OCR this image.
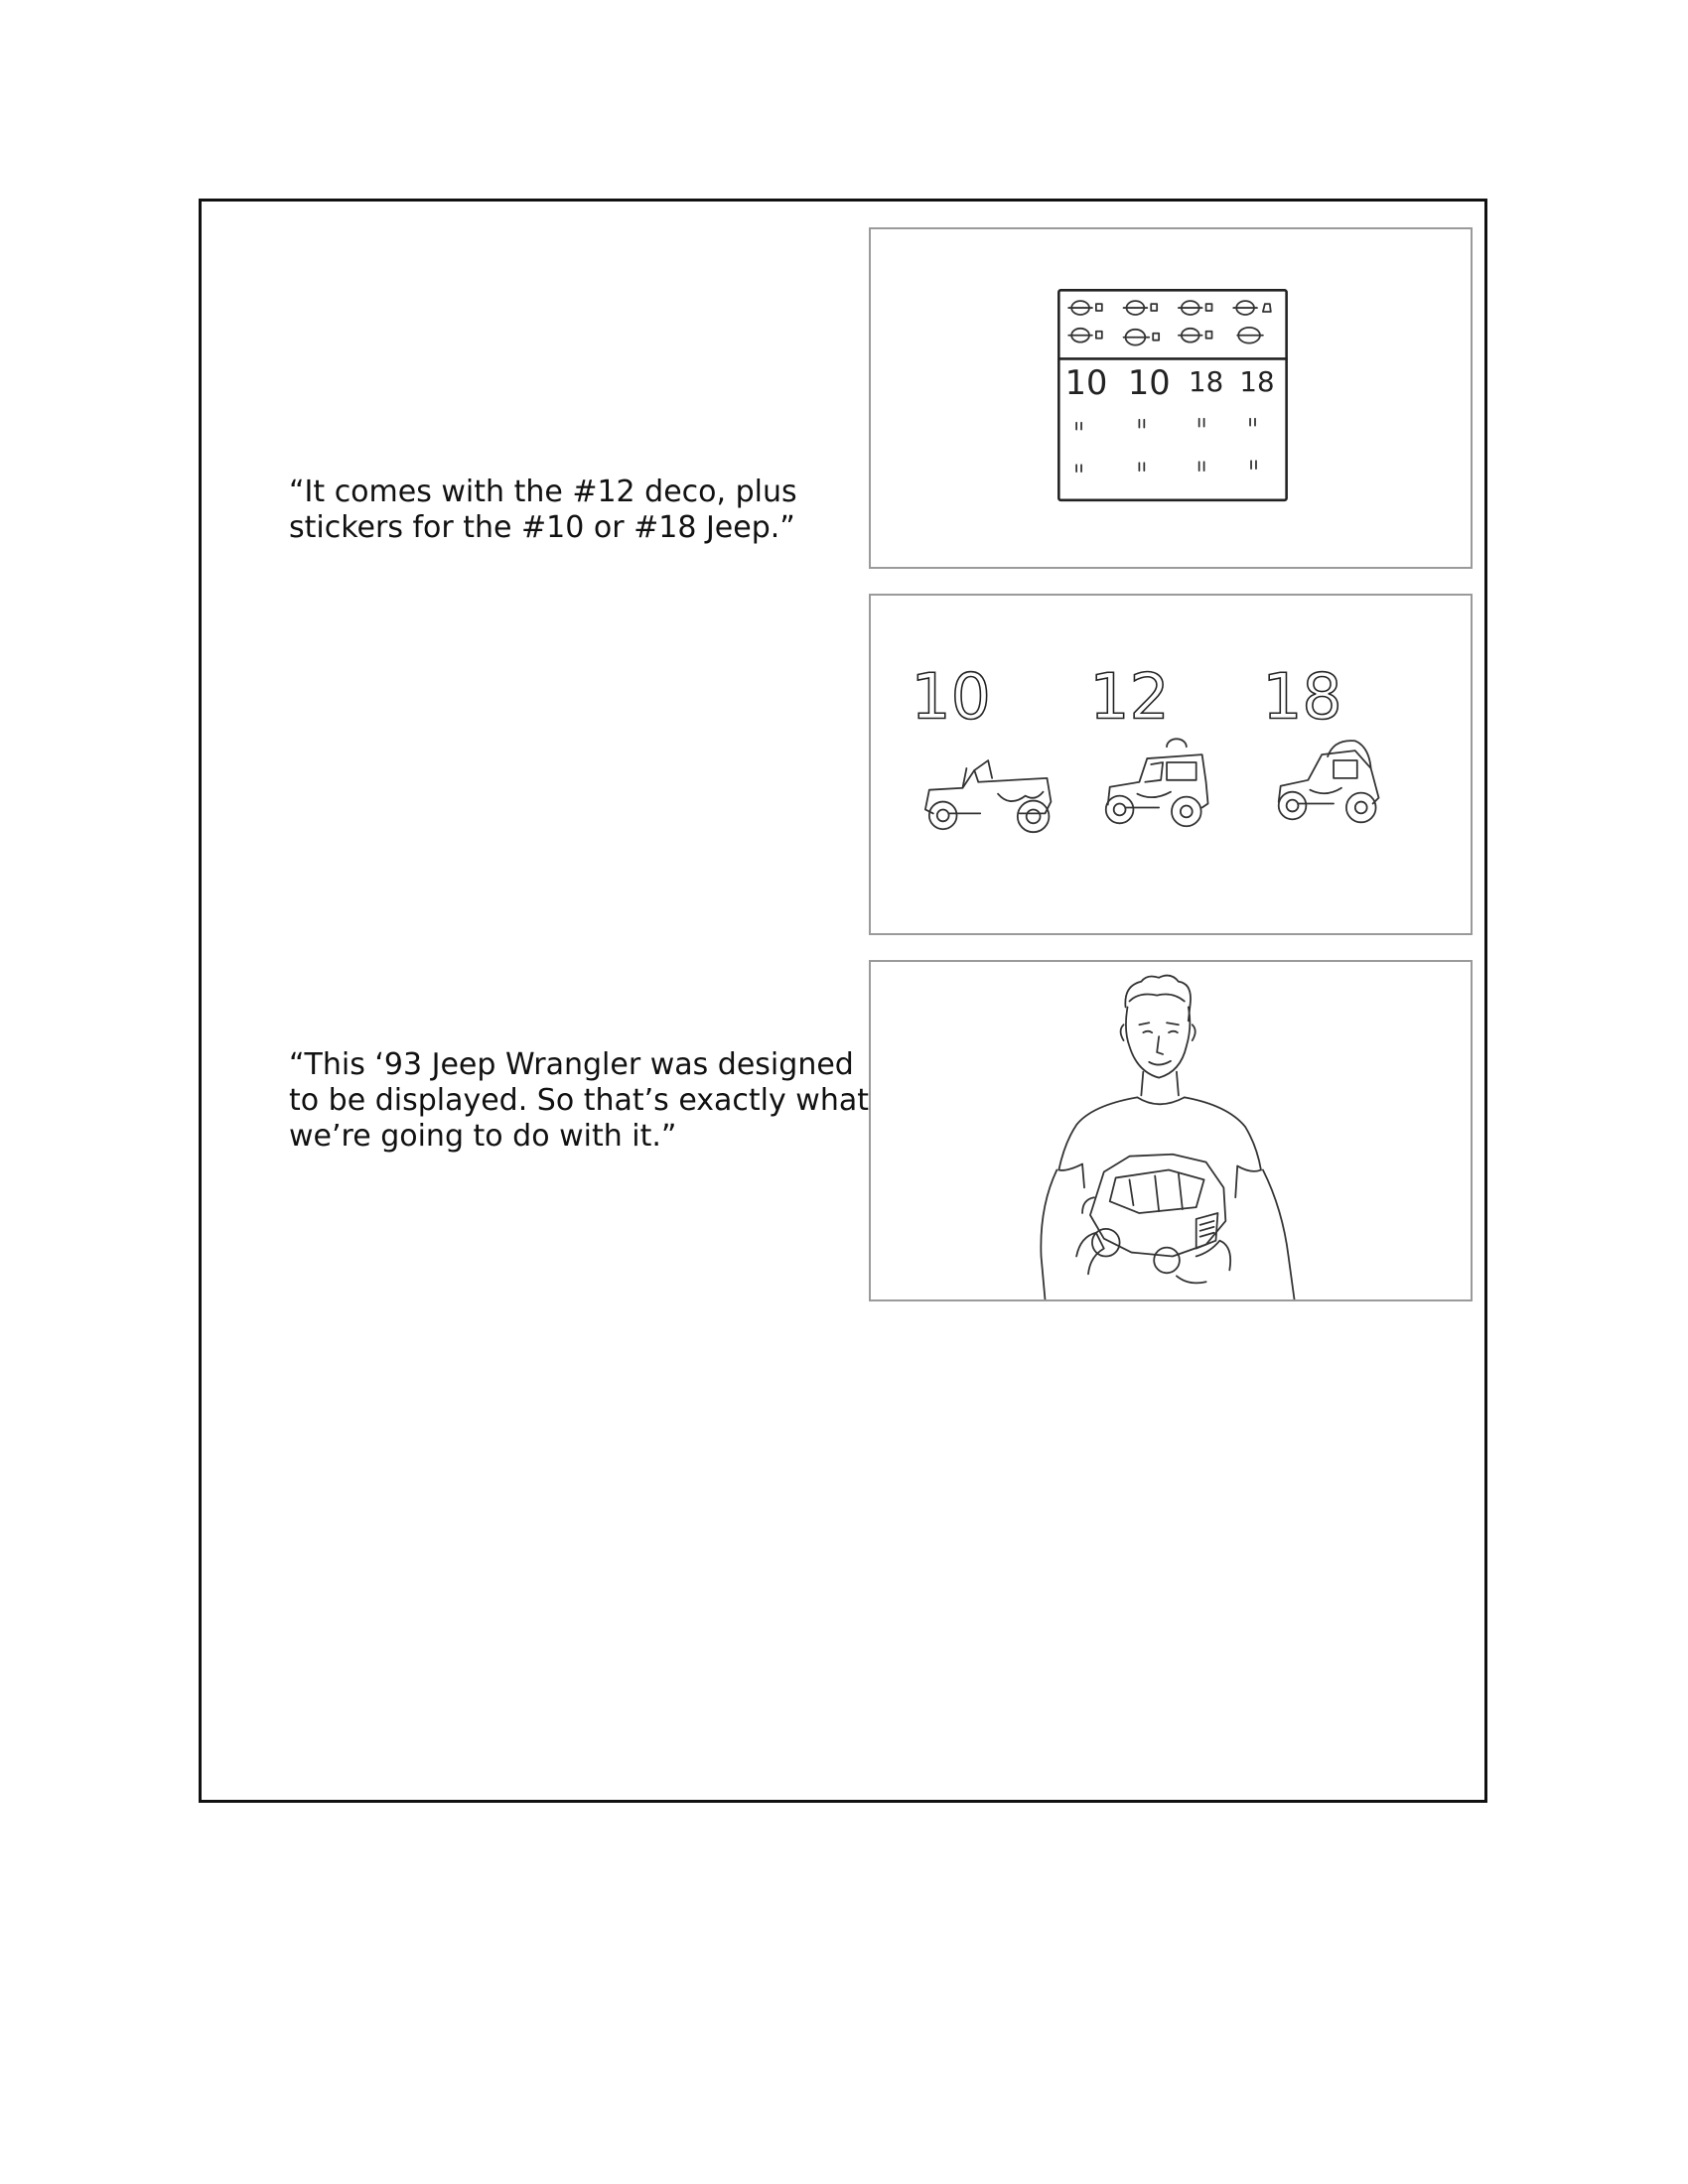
“It comes with the #12 deco, plus
stickers for the #10 or #18 Jeep.”
10 10 18 18
10 12 18
“This ‘93 Jeep Wrangler was designed
to be displayed. So that’s exactly what
we’re going to do with it.”
